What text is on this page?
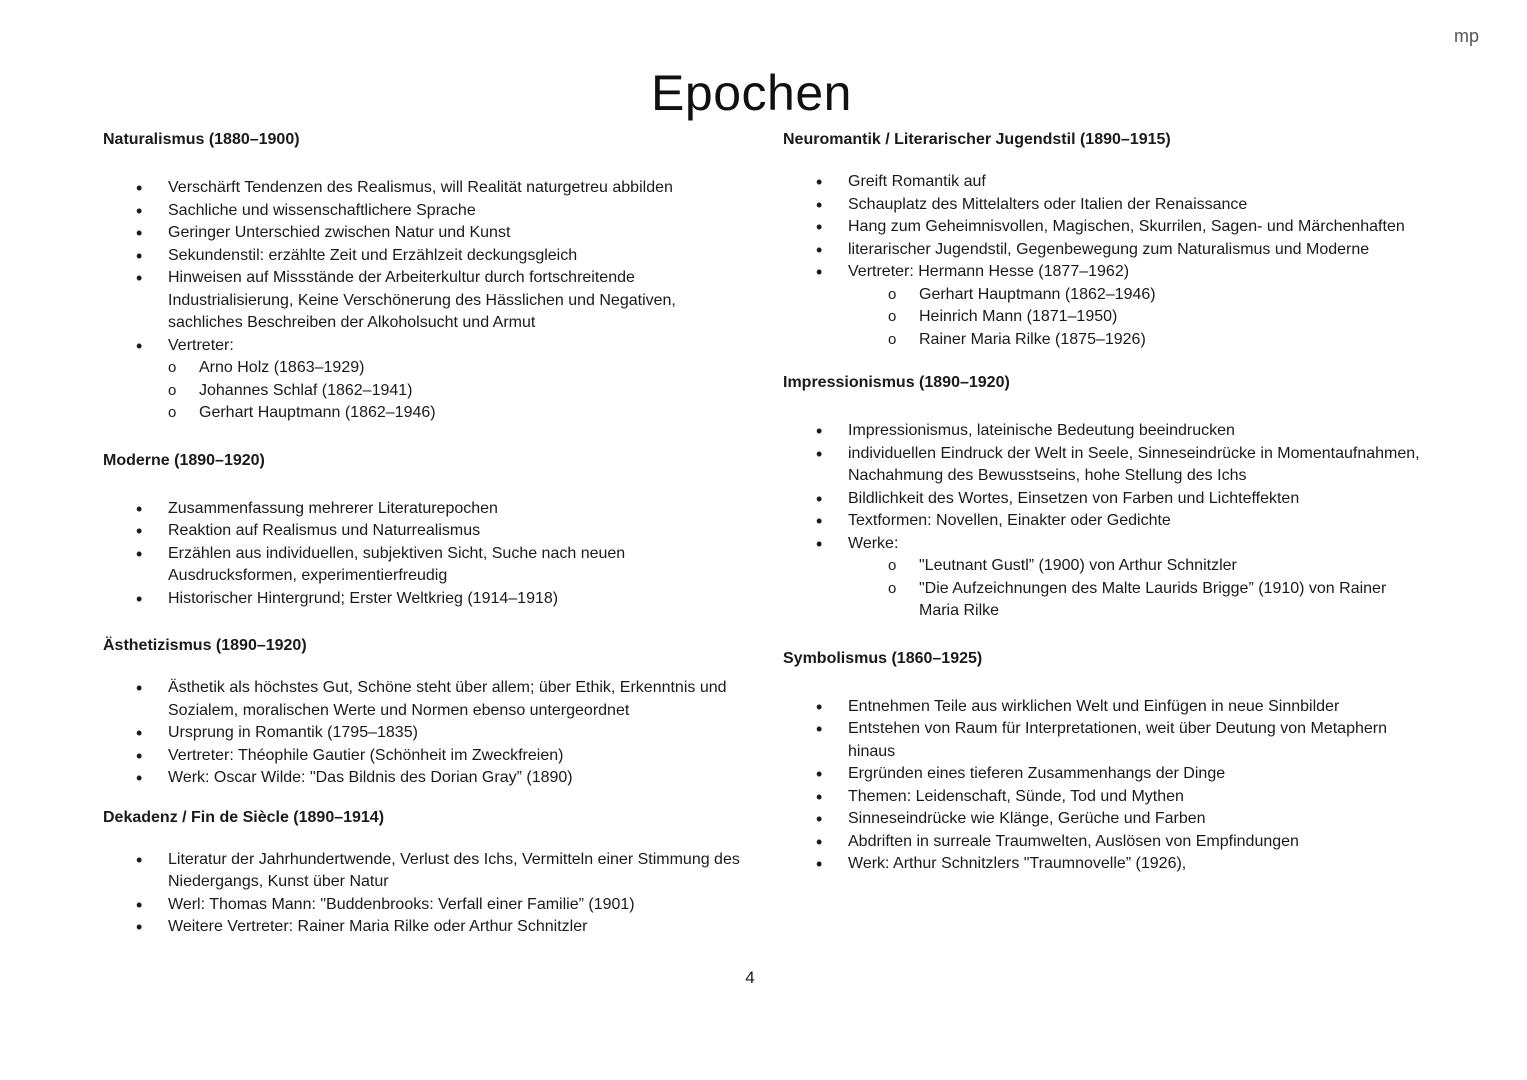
mp
Epochen
Naturalismus (1880–1900)
• Verschärft Tendenzen des Realismus, will Realität naturgetreu abbilden
• Sachliche und wissenschaftlichere Sprache
• Geringer Unterschied zwischen Natur und Kunst
• Sekundenstil: erzählte Zeit und Erzählzeit deckungsgleich
• Hinweisen auf Missstände der Arbeiterkultur durch fortschreitende Industrialisierung, Keine Verschönerung des Hässlichen und Negativen, sachliches Beschreiben der Alkoholsucht und Armut
• Vertreter:
o Arno Holz (1863–1929)
o Johannes Schlaf (1862–1941)
o Gerhart Hauptmann (1862–1946)
Moderne (1890–1920)
• Zusammenfassung mehrerer Literaturepochen
• Reaktion auf Realismus und Naturrealismus
• Erzählen aus individuellen, subjektiven Sicht, Suche nach neuen Ausdrucksformen, experimentierfreudig
• Historischer Hintergrund; Erster Weltkrieg (1914–1918)
Ästhetizismus (1890–1920)
• Ästhetik als höchstes Gut, Schöne steht über allem; über Ethik, Erkenntnis und Sozialem, moralischen Werte und Normen ebenso untergeordnet
• Ursprung in Romantik (1795–1835)
• Vertreter: Théophile Gautier (Schönheit im Zweckfreien)
• Werk: Oscar Wilde: "Das Bildnis des Dorian Gray” (1890)
Dekadenz / Fin de Siècle (1890–1914)
• Literatur der Jahrhundertwende, Verlust des Ichs, Vermitteln einer Stimmung des Niedergangs, Kunst über Natur
• Werl: Thomas Mann: "Buddenbrooks: Verfall einer Familie” (1901)
• Weitere Vertreter: Rainer Maria Rilke oder Arthur Schnitzler
Neuromantik / Literarischer Jugendstil (1890–1915)
• Greift Romantik auf
• Schauplatz des Mittelalters oder Italien der Renaissance
• Hang zum Geheimnisvollen, Magischen, Skurrilen, Sagen- und Märchenhaften
• literarischer Jugendstil, Gegenbewegung zum Naturalismus und Moderne
• Vertreter: Hermann Hesse (1877–1962)
o Gerhart Hauptmann (1862–1946)
o Heinrich Mann (1871–1950)
o Rainer Maria Rilke (1875–1926)
Impressionismus (1890–1920)
• Impressionismus, lateinische Bedeutung beeindrucken
• individuellen Eindruck der Welt in Seele, Sinneseindrücke in Momentaufnahmen, Nachahmung des Bewusstseins, hohe Stellung des Ichs
• Bildlichkeit des Wortes, Einsetzen von Farben und Lichteffekten
• Textformen: Novellen, Einakter oder Gedichte
• Werke:
o "Leutnant Gustl” (1900) von Arthur Schnitzler
o "Die Aufzeichnungen des Malte Laurids Brigge” (1910) von Rainer Maria Rilke
Symbolismus (1860–1925)
• Entnehmen Teile aus wirklichen Welt und Einfügen in neue Sinnbilder
• Entstehen von Raum für Interpretationen, weit über Deutung von Metaphern hinaus
• Ergründen eines tieferen Zusammenhangs der Dinge
• Themen: Leidenschaft, Sünde, Tod und Mythen
• Sinneseindrücke wie Klänge, Gerüche und Farben
• Abdriften in surreale Traumwelten, Auslösen von Empfindungen
• Werk: Arthur Schnitzlers "Traumnovelle” (1926),
4
